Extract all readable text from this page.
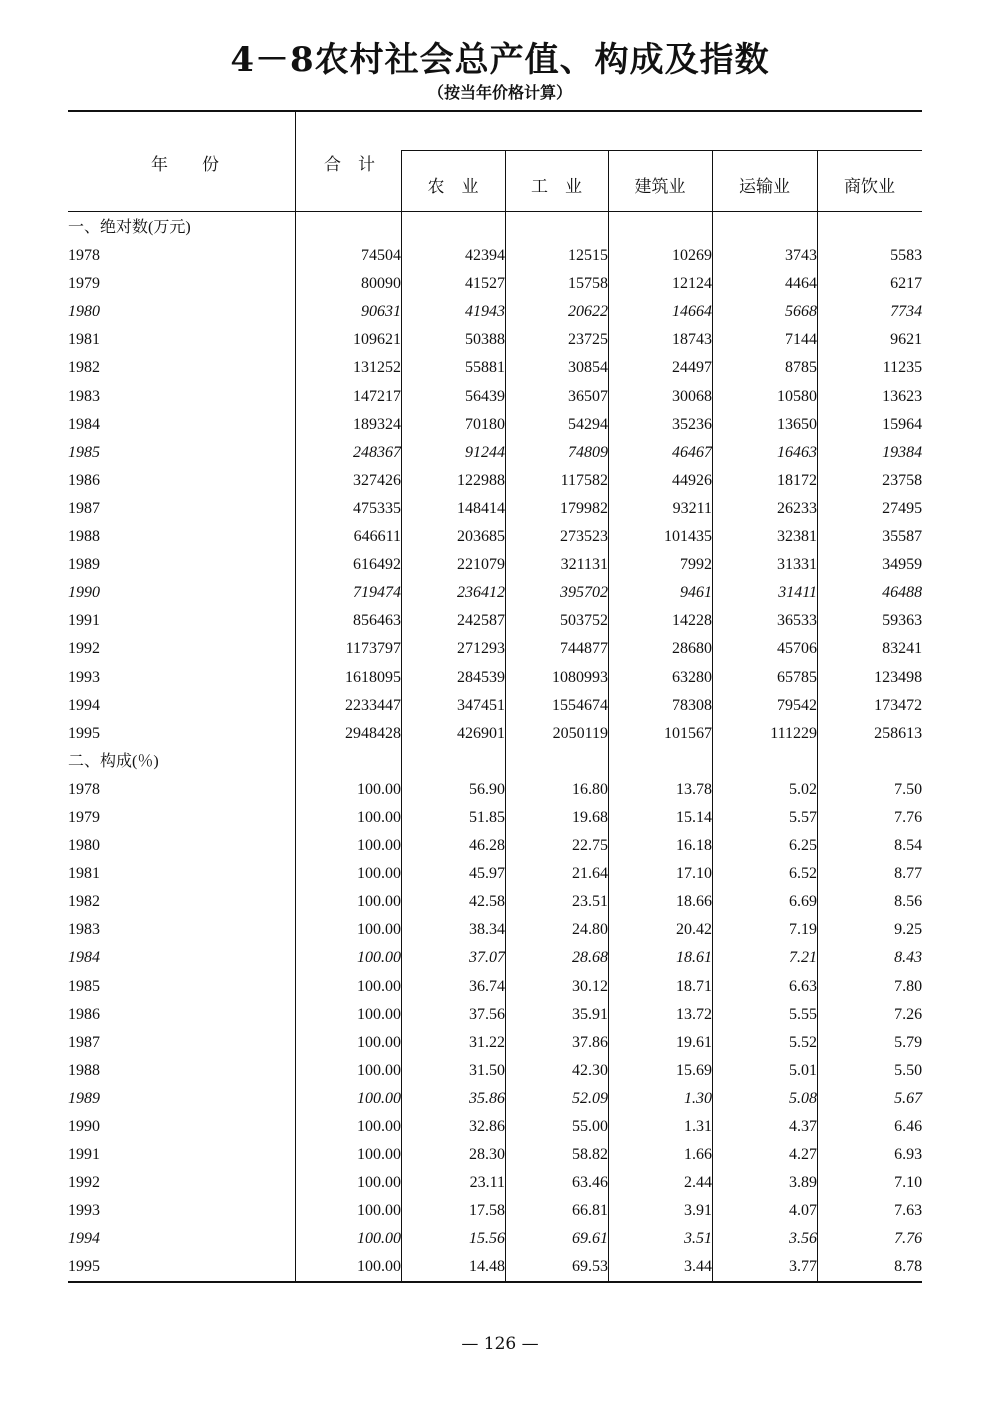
4－8农村社会总产值、构成及指数
（按当年价格计算）
年　　份	合　计
农　业	工　业	建筑业	运输业	商饮业
一、绝对数(万元)						
1978	74504	42394	12515	10269	3743	5583
1979	80090	41527	15758	12124	4464	6217
1980	90631	41943	20622	14664	5668	7734
1981	109621	50388	23725	18743	7144	9621
1982	131252	55881	30854	24497	8785	11235
1983	147217	56439	36507	30068	10580	13623
1984	189324	70180	54294	35236	13650	15964
1985	248367	91244	74809	46467	16463	19384
1986	327426	122988	117582	44926	18172	23758
1987	475335	148414	179982	93211	26233	27495
1988	646611	203685	273523	101435	32381	35587
1989	616492	221079	321131	7992	31331	34959
1990	719474	236412	395702	9461	31411	46488
1991	856463	242587	503752	14228	36533	59363
1992	1173797	271293	744877	28680	45706	83241
1993	1618095	284539	1080993	63280	65785	123498
1994	2233447	347451	1554674	78308	79542	173472
1995	2948428	426901	2050119	101567	111229	258613
二、构成(％)						
1978	100.00	56.90	16.80	13.78	5.02	7.50
1979	100.00	51.85	19.68	15.14	5.57	7.76
1980	100.00	46.28	22.75	16.18	6.25	8.54
1981	100.00	45.97	21.64	17.10	6.52	8.77
1982	100.00	42.58	23.51	18.66	6.69	8.56
1983	100.00	38.34	24.80	20.42	7.19	9.25
1984	100.00	37.07	28.68	18.61	7.21	8.43
1985	100.00	36.74	30.12	18.71	6.63	7.80
1986	100.00	37.56	35.91	13.72	5.55	7.26
1987	100.00	31.22	37.86	19.61	5.52	5.79
1988	100.00	31.50	42.30	15.69	5.01	5.50
1989	100.00	35.86	52.09	1.30	5.08	5.67
1990	100.00	32.86	55.00	1.31	4.37	6.46
1991	100.00	28.30	58.82	1.66	4.27	6.93
1992	100.00	23.11	63.46	2.44	3.89	7.10
1993	100.00	17.58	66.81	3.91	4.07	7.63
1994	100.00	15.56	69.61	3.51	3.56	7.76
1995	100.00	14.48	69.53	3.44	3.77	8.78
— 126 —
